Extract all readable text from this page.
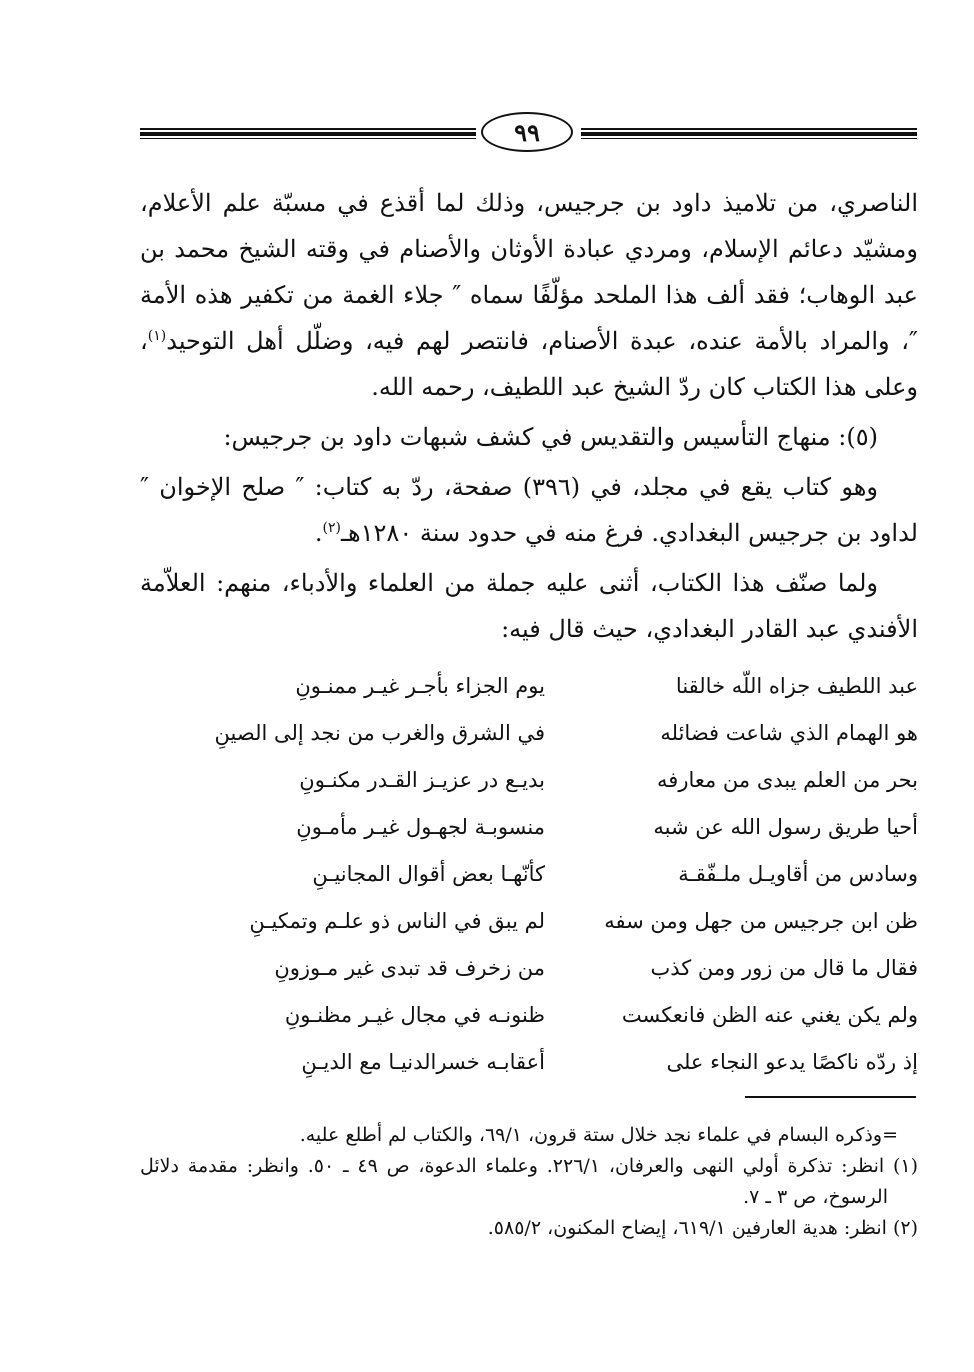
٩٩

الناصري، من تلاميذ داود بن جرجيس، وذلك لما أقذع في مسبّة علم الأعلام، ومشيّد دعائم الإسلام، ومردي عبادة الأوثان والأصنام في وقته الشيخ محمد بن عبد الوهاب؛ فقد ألف هذا الملحد مؤلّفًا سماه ″ جلاء الغمة من تكفير هذه الأمة ″، والمراد بالأمة عنده، عبدة الأصنام، فانتصر لهم فيه، وضلّل أهل التوحيد$^{(١)}$، وعلى هذا الكتاب كان ردّ الشيخ عبد اللطيف، رحمه الله.

(٥): منهاج التأسيس والتقديس في كشف شبهات داود بن جرجيس:

وهو كتاب يقع في مجلد، في (٣٩٦) صفحة، ردّ به كتاب: ″ صلح الإخوان ″ لداود بن جرجيس البغدادي. فرغ منه في حدود سنة ١٢٨٠هـ$^{(٢)}$.

ولما صنّف هذا الكتاب، أثنى عليه جملة من العلماء والأدباء، منهم: العلاّمة الأفندي عبد القادر البغدادي، حيث قال فيه:

عبد اللطيف جزاه اللّه خالقنا
يوم الجزاء بأجـر غيـر ممنـونِ
هو الهمام الذي شاعت فضائله
في الشرق والغرب من نجد إلى الصينِ
بحر من العلم يبدى من معارفه
بديـع در عزيـز القـدر مكنـونِ
أحيا طريق رسول الله عن شبه
منسوبـة لجهـول غيـر مأمـونِ
وسادس من أقاويـل ملـفّقـة
كأنّهـا بعض أقوال المجانيـنِ
ظن ابن جرجيس من جهل ومن سفه
لم يبق في الناس ذو علـم وتمكيـنِ
فقال ما قال من زور ومن كذب
من زخرف قد تبدى غير مـوزونِ
ولم يكن يغني عنه الظن فانعكست
ظنونـه في مجال غيـر مظنـونِ
إذ ردّه ناكصًا يدعو النجاء على
أعقابـه خسرالدنيـا مع الديـنِ

=وذكره البسام في علماء نجد خلال ستة قرون، ٦٩/١، والكتاب لم أطلع عليه.

(١) انظر: تذكرة أولي النهى والعرفان، ٢٢٦/١. وعلماء الدعوة، ص ٤٩ ـ ٥٠. وانظر: مقدمة دلائل الرسوخ، ص ٣ ـ ٧.

(٢) انظر: هدية العارفين ٦١٩/١، إيضاح المكنون، ٥٨٥/٢.
